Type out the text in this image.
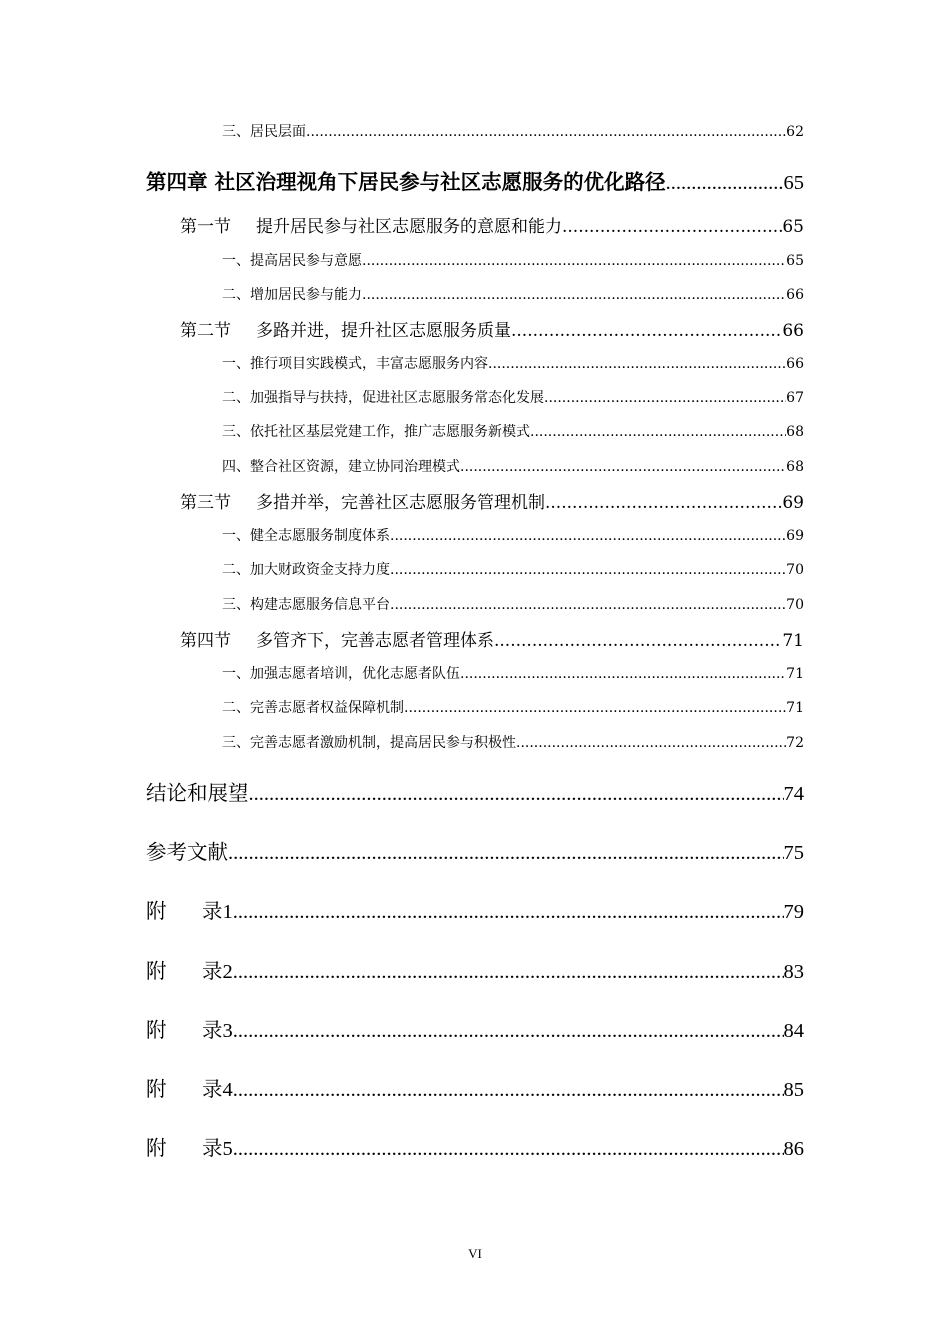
三、居民层面 .....	62
第四章 社区治理视角下居民参与社区志愿服务的优化路径 .....	65
第一节 提升居民参与社区志愿服务的意愿和能力 .....	65
一、提高居民参与意愿 .....	65
二、增加居民参与能力 .....	66
第二节 多路并进，提升社区志愿服务质量 .....	66
一、推行项目实践模式，丰富志愿服务内容 .....	66
二、加强指导与扶持，促进社区志愿服务常态化发展 .....	67
三、依托社区基层党建工作，推广志愿服务新模式 .....	68
四、整合社区资源，建立协同治理模式 .....	68
第三节 多措并举，完善社区志愿服务管理机制 .....	69
一、健全志愿服务制度体系 .....	69
二、加大财政资金支持力度 .....	70
三、构建志愿服务信息平台 .....	70
第四节 多管齐下，完善志愿者管理体系 .....	71
一、加强志愿者培训，优化志愿者队伍 .....	71
二、完善志愿者权益保障机制 .....	71
三、完善志愿者激励机制，提高居民参与积极性 .....	72
结论和展望 .....	74
参考文献 .....	75
附 录1 .....	79
附 录2 .....	83
附 录3 .....	84
附 录4 .....	85
附 录5 .....	86
VI
